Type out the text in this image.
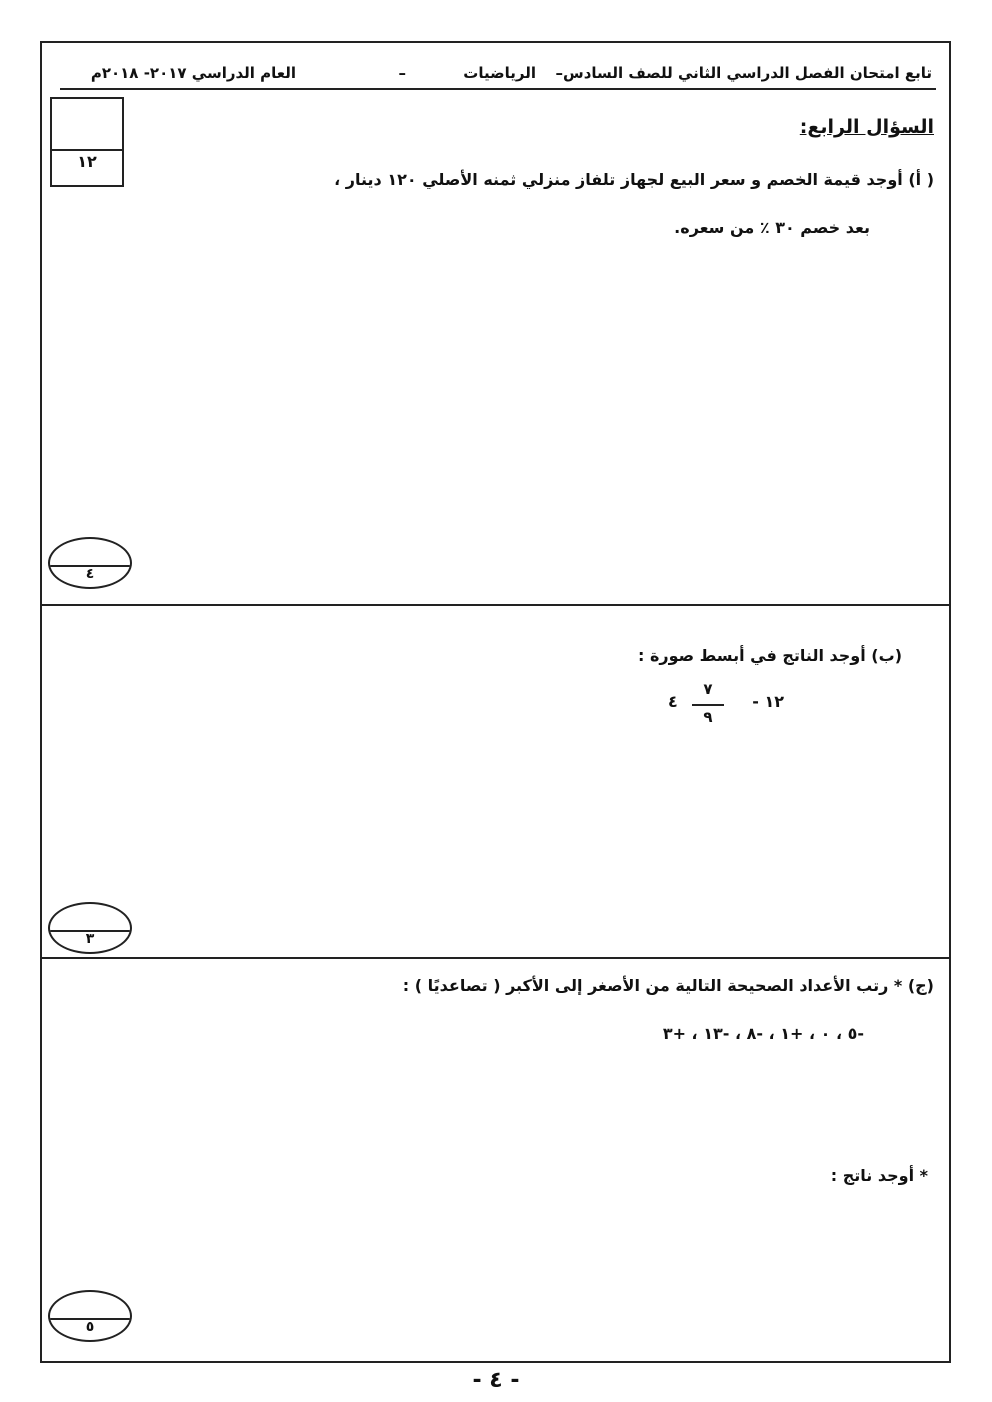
تابع امتحان الفصل الدراسي الثاني للصف السادس–
الرياضيات
–
العام الدراسي ٢٠١٧- ٢٠١٨م
١٢
السؤال الرابع:
( أ) أوجد قيمة الخصم و سعر البيع لجهاز تلفاز منزلي ثمنه الأصلي ١٢٠ دينار ،
بعد خصم ٣٠ ٪ من سعره.
٤
(ب) أوجد الناتج في أبسط صورة :
١٢ -
٧
٩
٤
٣
(ج) * رتب الأعداد الصحيحة التالية من الأصغر إلى الأكبر ( تصاعديًا ) :
-٥ ، ٠ ، +١ ، -٨ ، -١٣ ، +٣
* أوجد ناتج :
٥
- ٤ -
